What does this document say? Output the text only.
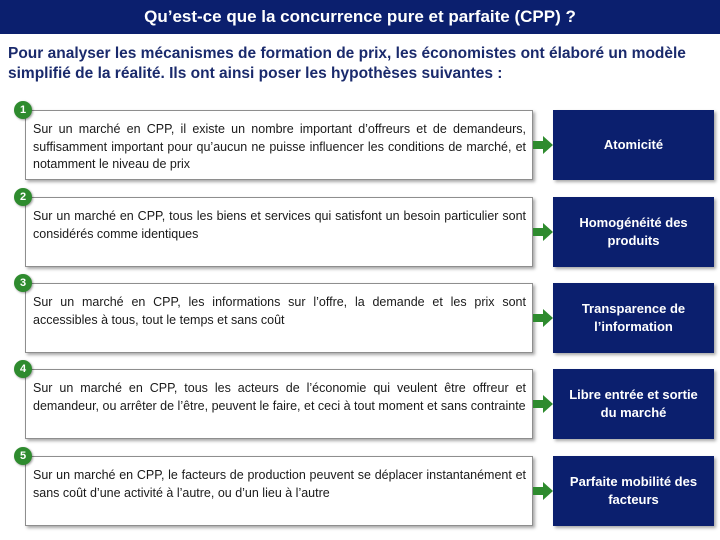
Qu’est-ce que la concurrence pure et parfaite (CPP) ?
Pour analyser les mécanismes de formation de prix, les économistes ont élaboré un modèle simplifié de la réalité. Ils ont ainsi poser les hypothèses suivantes :
Sur un marché en CPP, il existe un nombre important d’offreurs et de demandeurs, suffisamment important pour qu’aucun ne puisse influencer les conditions de marché, et notamment le niveau de prix
1
Atomicité
Sur un marché en CPP, tous les biens et services qui satisfont un besoin particulier sont considérés comme identiques
2
Homogénéité des produits
Sur un marché en CPP, les informations sur l’offre, la demande et les prix sont accessibles à tous, tout le temps et sans coût
3
Transparence de l’information
Sur un marché en CPP, tous les acteurs de l’économie qui veulent être offreur et demandeur, ou arrêter de l’être, peuvent le faire, et ceci à tout moment et sans contrainte
4
Libre entrée et sortie du marché
Sur un marché en CPP, le facteurs de production peuvent se déplacer instantanément et sans coût d’une activité à l’autre, ou d’un lieu à l’autre
5
Parfaite mobilité des facteurs
